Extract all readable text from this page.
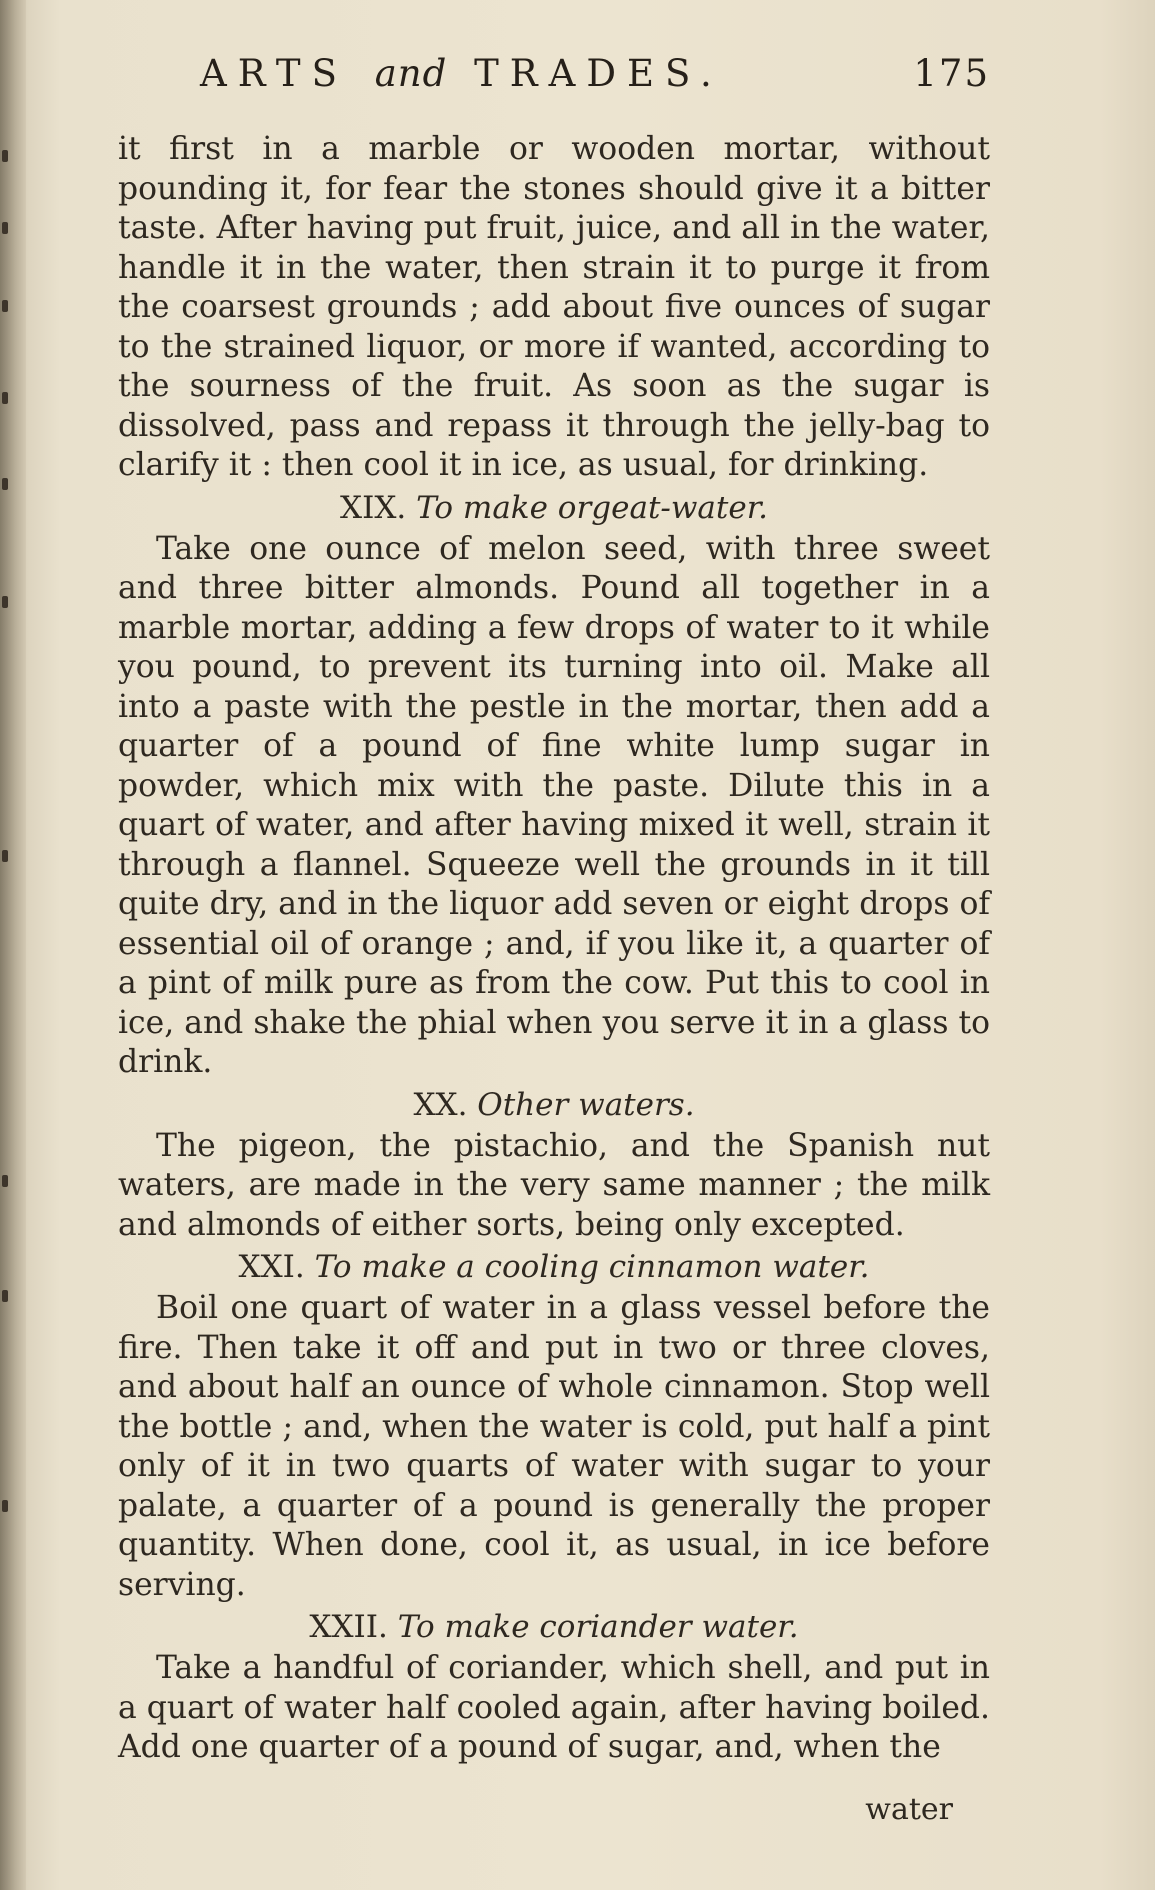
ARTS and TRADES.	175

it first in a marble or wooden mortar, without pounding it, for fear the stones should give it a bitter taste. After having put fruit, juice, and all in the water, handle it in the water, then strain it to purge it from the coarsest grounds ; add about five ounces of sugar to the strained liquor, or more if wanted, according to the sourness of the fruit. As soon as the sugar is dissolved, pass and repass it through the jelly-bag to clarify it : then cool it in ice, as usual, for drinking.

XIX. To make orgeat-water.

Take one ounce of melon seed, with three sweet and three bitter almonds. Pound all together in a marble mortar, adding a few drops of water to it while you pound, to prevent its turning into oil. Make all into a paste with the pestle in the mortar, then add a quarter of a pound of fine white lump sugar in powder, which mix with the paste. Dilute this in a quart of water, and after having mixed it well, strain it through a flannel. Squeeze well the grounds in it till quite dry, and in the liquor add seven or eight drops of essential oil of orange ; and, if you like it, a quarter of a pint of milk pure as from the cow. Put this to cool in ice, and shake the phial when you serve it in a glass to drink.

XX. Other waters.

The pigeon, the pistachio, and the Spanish nut waters, are made in the very same manner ; the milk and almonds of either sorts, being only excepted.

XXI. To make a cooling cinnamon water.

Boil one quart of water in a glass vessel before the fire. Then take it off and put in two or three cloves, and about half an ounce of whole cinnamon. Stop well the bottle ; and, when the water is cold, put half a pint only of it in two quarts of water with sugar to your palate, a quarter of a pound is generally the proper quantity. When done, cool it, as usual, in ice before serving.

XXII. To make coriander water.

Take a handful of coriander, which shell, and put in a quart of water half cooled again, after having boiled. Add one quarter of a pound of sugar, and, when the

water
